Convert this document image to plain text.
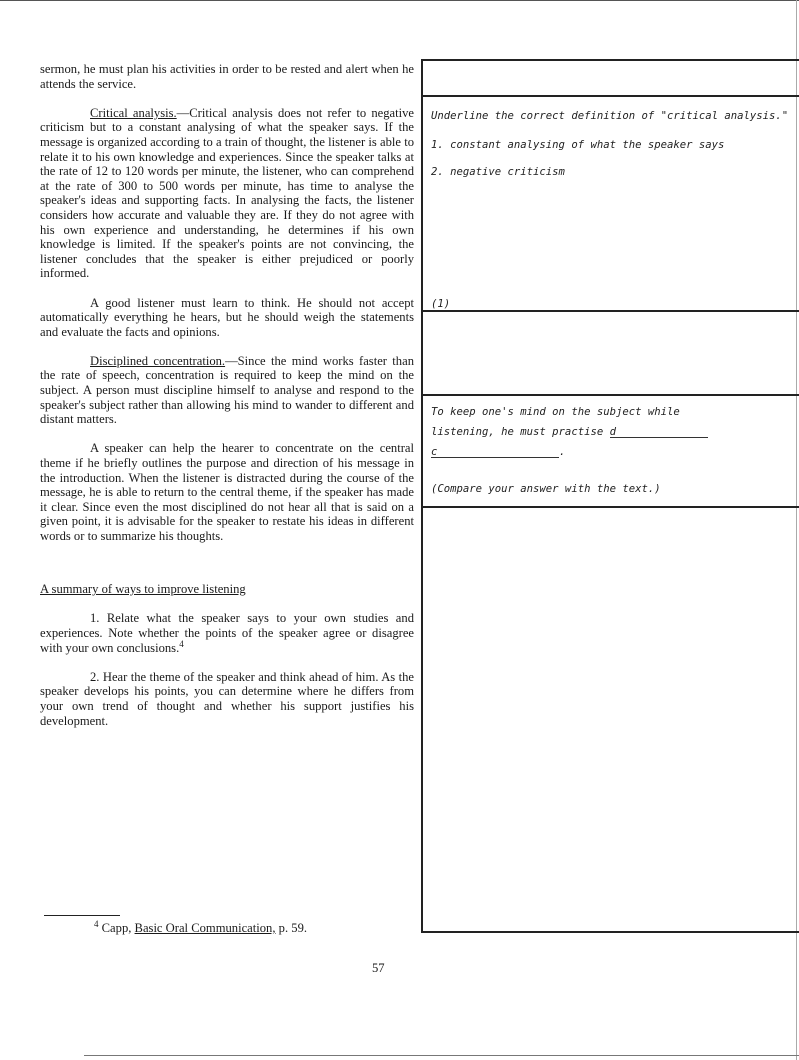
sermon, he must plan his activities in order to be rested and alert when he attends the service.

Critical analysis.—Critical analysis does not refer to negative criticism but to a constant analysing of what the speaker says. If the message is organized according to a train of thought, the listener is able to relate it to his own knowledge and experiences. Since the speaker talks at the rate of 12 to 120 words per minute, the listener, who can comprehend at the rate of 300 to 500 words per minute, has time to analyse the speaker's ideas and supporting facts. In analysing the facts, the listener considers how accurate and valuable they are. If they do not agree with his own experience and understanding, he determines if his own knowledge is limited. If the speaker's points are not convincing, the listener concludes that the speaker is either prejudiced or poorly informed.

A good listener must learn to think. He should not accept automatically everything he hears, but he should weigh the statements and evaluate the facts and opinions.

Disciplined concentration.—Since the mind works faster than the rate of speech, concentration is required to keep the mind on the subject. A person must discipline himself to analyse and respond to the speaker's subject rather than allowing his mind to wander to different and distant matters.

A speaker can help the hearer to concentrate on the central theme if he briefly outlines the purpose and direction of his message in the introduction. When the listener is distracted during the course of the message, he is able to return to the central theme, if the speaker has made it clear. Since even the most disciplined do not hear all that is said on a given point, it is advisable for the speaker to restate his ideas in different words or to summarize his thoughts.

A summary of ways to improve listening

1. Relate what the speaker says to your own studies and experiences. Note whether the points of the speaker agree or disagree with your own conclusions.$^4$

2. Hear the theme of the speaker and think ahead of him. As the speaker develops his points, you can determine where he differs from your own trend of thought and whether his support justifies his development.

Underline the correct definition of "critical analysis."

1. constant analysing of what the speaker says

2. negative criticism

(1)

To keep one's mind on the subject while

listening, he must practise d

c	.

(Compare your answer with the text.)

$^4$ Capp, Basic Oral Communication, p. 59.
57
